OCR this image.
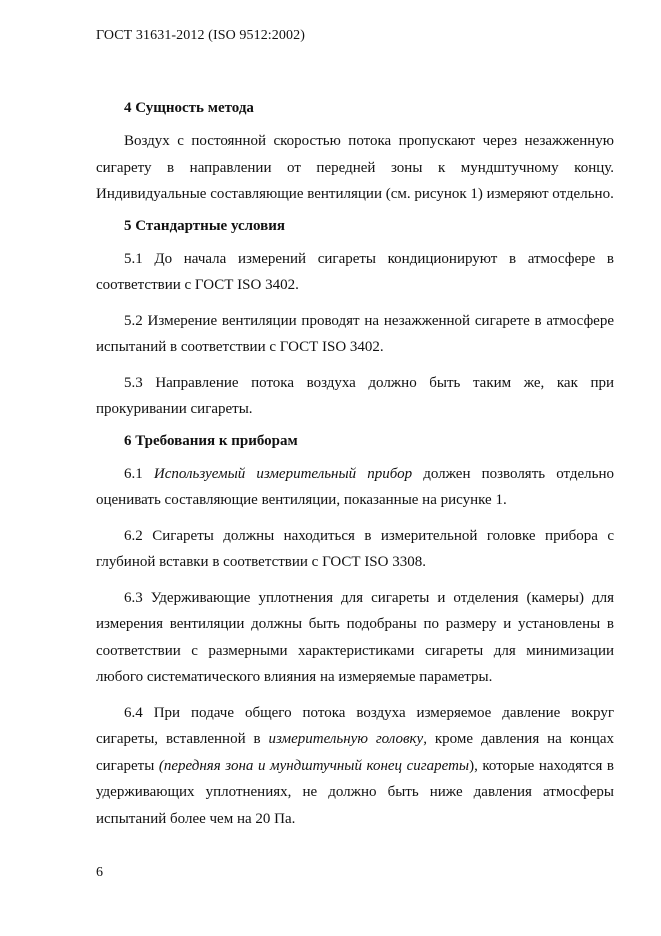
ГОСТ 31631-2012 (ISO 9512:2002)
4 Сущность метода

Воздух с постоянной скоростью потока пропускают через незажженную сигарету в направлении от передней зоны к мундштучному концу. Индивидуальные составляющие вентиляции (см. рисунок 1) измеряют отдельно.

5 Стандартные условия

5.1 До начала измерений сигареты кондиционируют в атмосфере в соответствии с ГОСТ ISO 3402.

5.2 Измерение вентиляции проводят на незажженной сигарете в атмосфере испытаний в соответствии с ГОСТ ISO 3402.

5.3 Направление потока воздуха должно быть таким же, как при прокуривании сигареты.

6 Требования к приборам

6.1 Используемый измерительный прибор должен позволять отдельно оценивать составляющие вентиляции, показанные на рисунке 1.

6.2 Сигареты должны находиться в измерительной головке прибора с глубиной вставки в соответствии с ГОСТ ISO 3308.

6.3 Удерживающие уплотнения для сигареты и отделения (камеры) для измерения вентиляции должны быть подобраны по размеру и установлены в соответствии с размерными характеристиками сигареты для минимизации любого систематического влияния на измеряемые параметры.

6.4 При подаче общего потока воздуха измеряемое давление вокруг сигареты, вставленной в измерительную головку, кроме давления на концах сигареты (передняя зона и мундштучный конец сигареты), которые находятся в удерживающих уплотнениях, не должно быть ниже давления атмосферы испытаний более чем на 20 Па.

6
